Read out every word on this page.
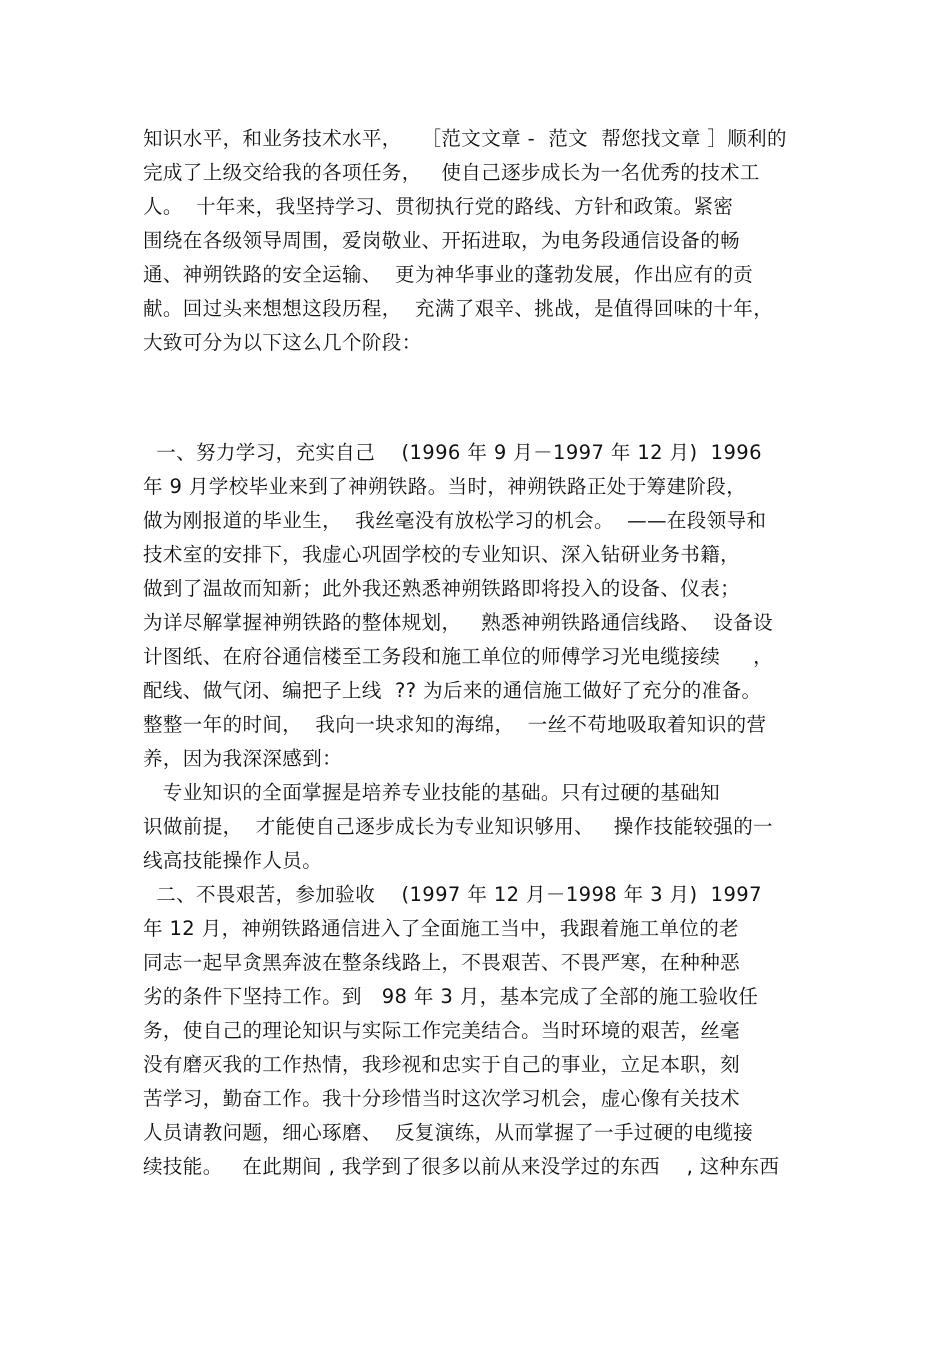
知识水平，和业务技术水平，   ［范文文章 -  范文  帮您找文章 ］顺利的
完成了上级交给我的各项任务，   使自己逐步成长为一名优秀的技术工
人。  十年来，我坚持学习、贯彻执行党的路线、方针和政策。紧密
围绕在各级领导周围，爱岗敬业、开拓进取，为电务段通信设备的畅
通、神朔铁路的安全运输、  更为神华事业的蓬勃发展，作出应有的贡
献。回过头来想想这段历程，  充满了艰辛、挑战，是值得回味的十年，
大致可分为以下这么几个阶段：
一、努力学习，充实自己    (1996 年 9 月－1997 年 12 月)  1996
年 9 月学校毕业来到了神朔铁路。当时，神朔铁路正处于筹建阶段，
做为刚报道的毕业生，  我丝毫没有放松学习的机会。  ——在段领导和
技术室的安排下，我虚心巩固学校的专业知识、深入钻研业务书籍，
做到了温故而知新；此外我还熟悉神朔铁路即将投入的设备、仪表；
为详尽解掌握神朔铁路的整体规划，   熟悉神朔铁路通信线路、  设备设
计图纸、在府谷通信楼至工务段和施工单位的师傅学习光电缆接续     ，
配线、做气闭、编把子上线  ?? 为后来的通信施工做好了充分的准备。
整整一年的时间，  我向一块求知的海绵，  一丝不苟地吸取着知识的营
养，因为我深深感到：
专业知识的全面掌握是培养专业技能的基础。只有过硬的基础知
识做前提，  才能使自己逐步成长为专业知识够用、   操作技能较强的一
线高技能操作人员。
二、不畏艰苦，参加验收    (1997 年 12 月－1998 年 3 月)  1997
年 12 月，神朔铁路通信进入了全面施工当中，我跟着施工单位的老
同志一起早贪黑奔波在整条线路上，不畏艰苦、不畏严寒，在种种恶
劣的条件下坚持工作。到   98 年 3 月，基本完成了全部的施工验收任
务，使自己的理论知识与实际工作完美结合。当时环境的艰苦，丝毫
没有磨灭我的工作热情，我珍视和忠实于自己的事业，立足本职，刻
苦学习，勤奋工作。我十分珍惜当时这次学习机会，虚心像有关技术
人员请教问题，细心琢磨、  反复演练，从而掌握了一手过硬的电缆接
续技能。   在此期间 , 我学到了很多以前从来没学过的东西    , 这种东西
